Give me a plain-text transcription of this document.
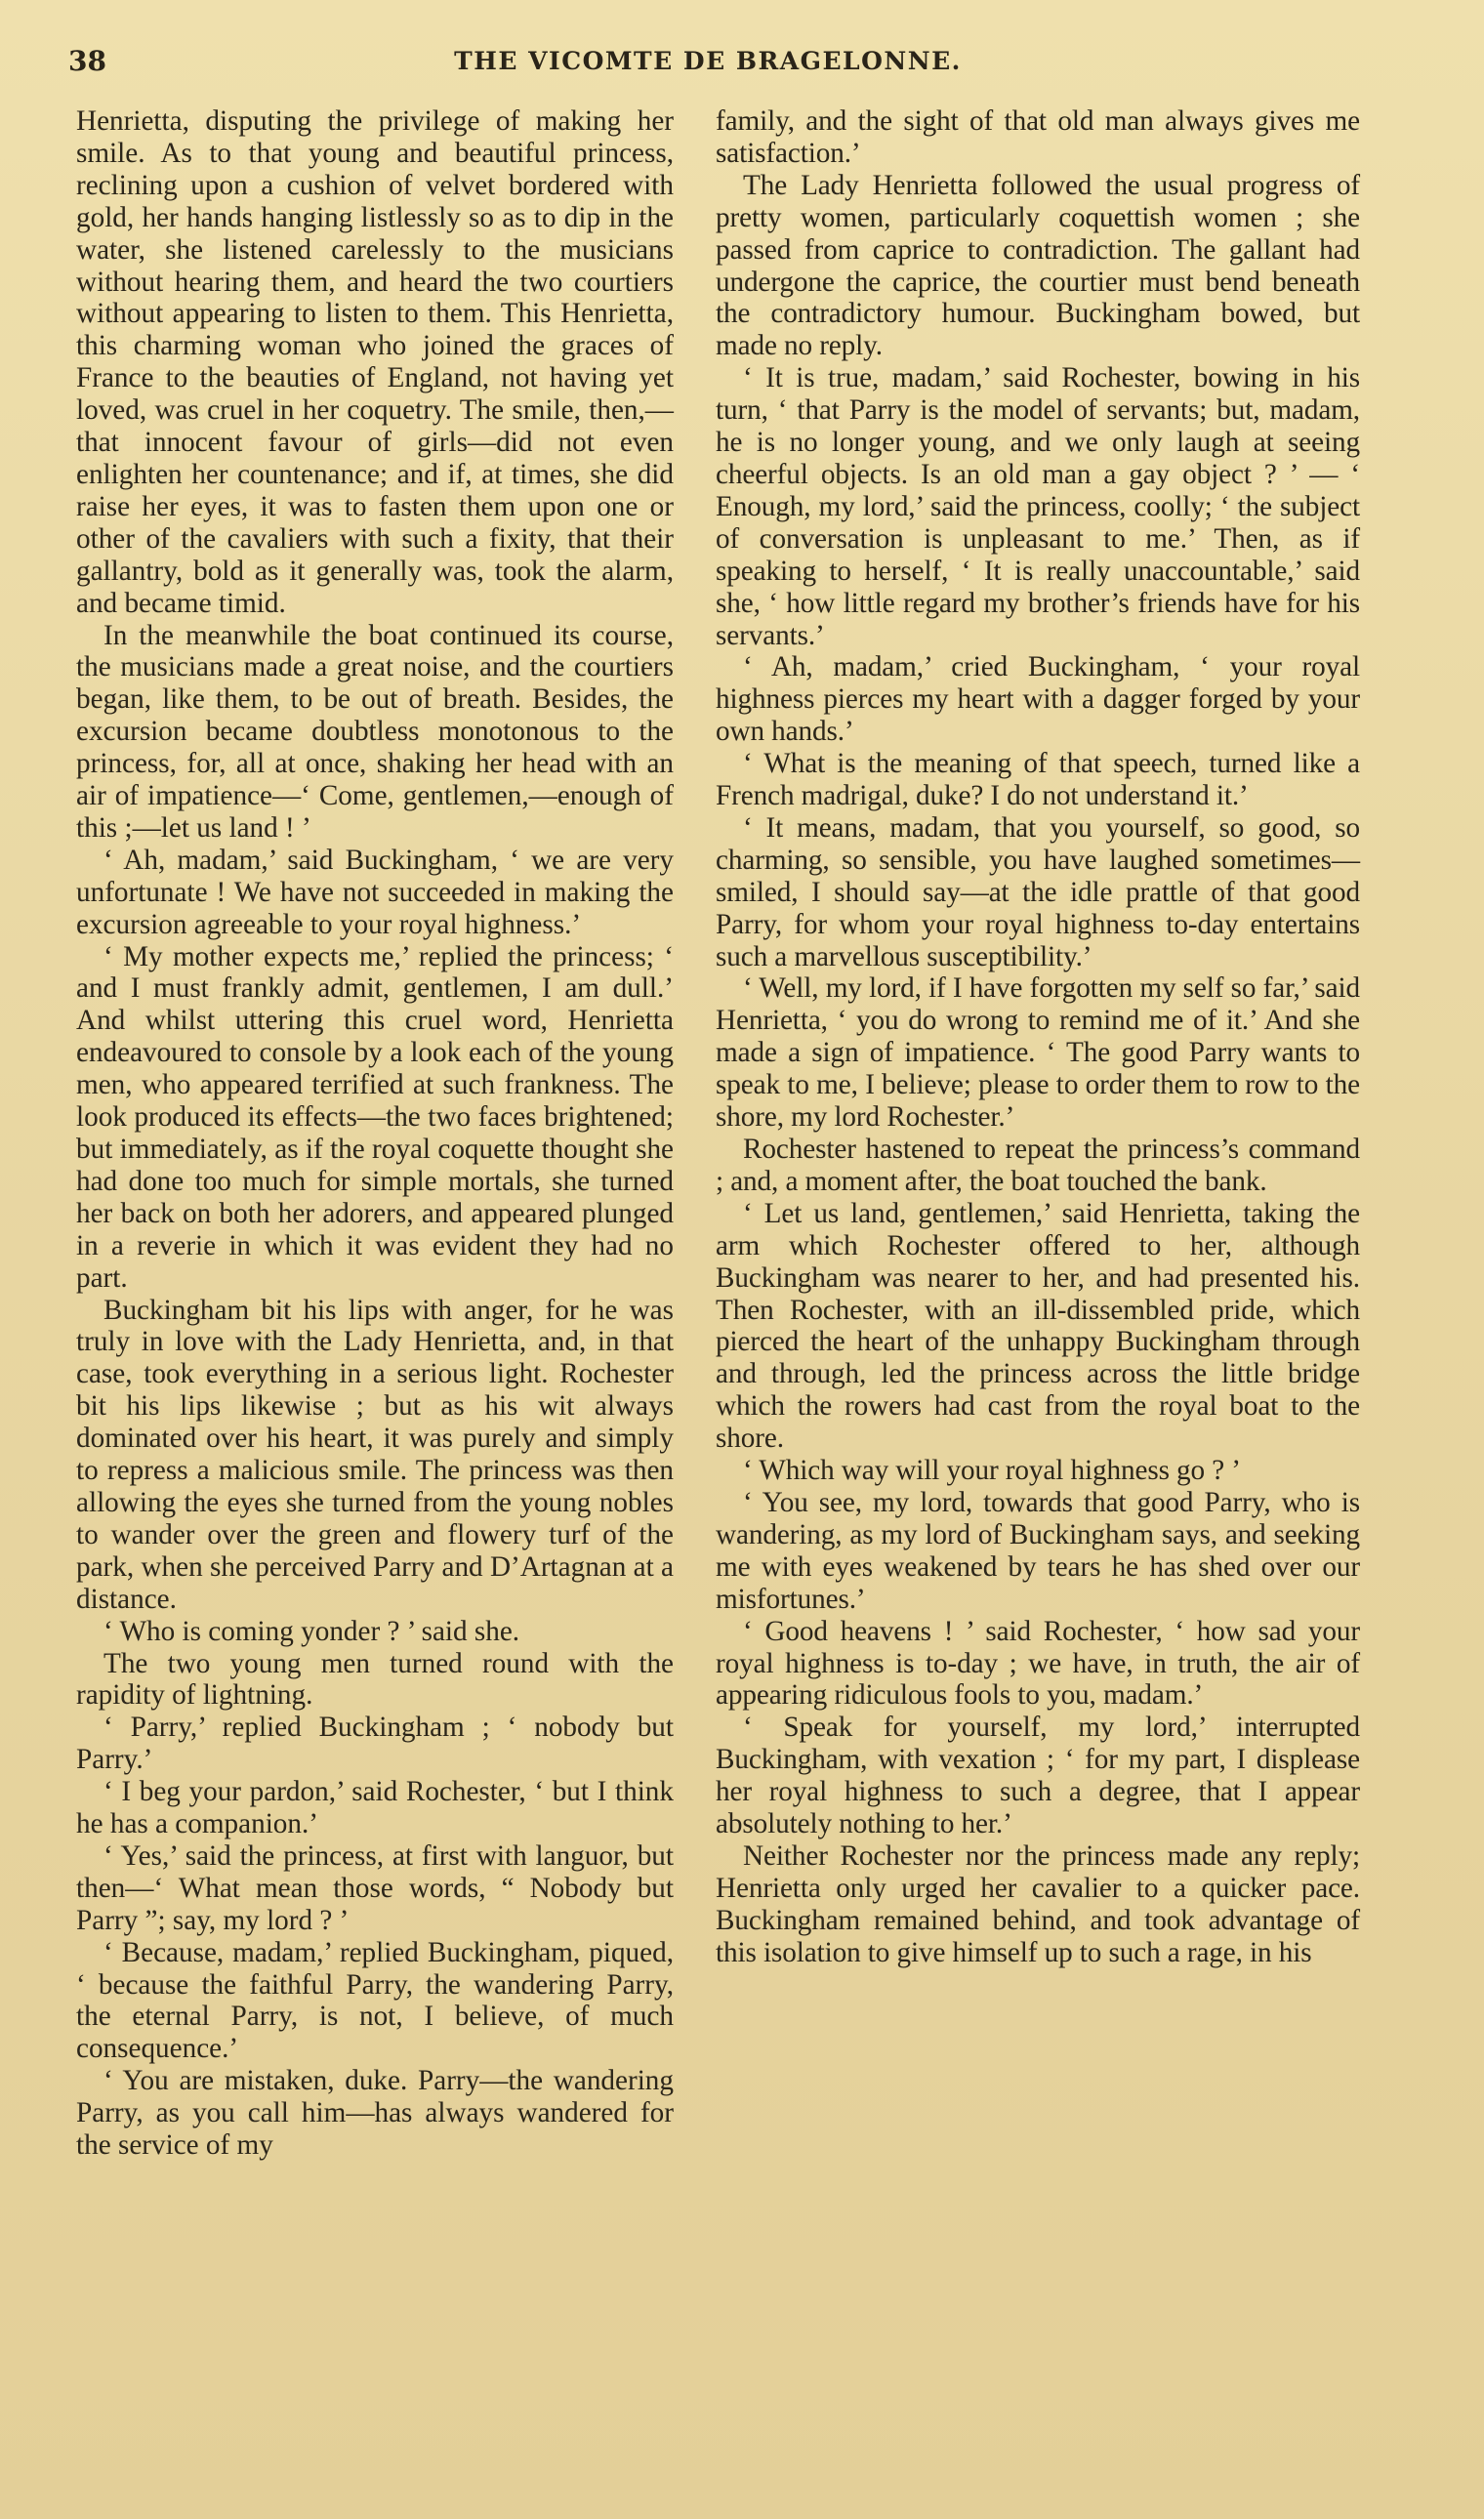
38	THE VICOMTE DE BRAGELONNE.

Henrietta, disputing the privilege of making her smile. As to that young and beautiful princess, reclining upon a cushion of velvet bordered with gold, her hands hanging listlessly so as to dip in the water, she listened carelessly to the musicians without hearing them, and heard the two courtiers without appearing to listen to them. This Henrietta, this charming woman who joined the graces of France to the beauties of England, not having yet loved, was cruel in her coquetry. The smile, then,—that innocent favour of girls—did not even enlighten her countenance; and if, at times, she did raise her eyes, it was to fasten them upon one or other of the cavaliers with such a fixity, that their gallantry, bold as it generally was, took the alarm, and became timid.

In the meanwhile the boat continued its course, the musicians made a great noise, and the courtiers began, like them, to be out of breath. Besides, the excursion became doubtless monotonous to the princess, for, all at once, shaking her head with an air of impatience—‘ Come, gentlemen,—enough of this ;—let us land ! ’

‘ Ah, madam,’ said Buckingham, ‘ we are very unfortunate ! We have not succeeded in making the excursion agreeable to your royal highness.’

‘ My mother expects me,’ replied the princess; ‘ and I must frankly admit, gentlemen, I am dull.’ And whilst uttering this cruel word, Henrietta endeavoured to console by a look each of the young men, who appeared terrified at such frankness. The look produced its effects—the two faces brightened; but immediately, as if the royal coquette thought she had done too much for simple mortals, she turned her back on both her adorers, and appeared plunged in a reverie in which it was evident they had no part.

Buckingham bit his lips with anger, for he was truly in love with the Lady Henrietta, and, in that case, took everything in a serious light. Rochester bit his lips likewise ; but as his wit always dominated over his heart, it was purely and simply to repress a malicious smile. The princess was then allowing the eyes she turned from the young nobles to wander over the green and flowery turf of the park, when she perceived Parry and D’Artagnan at a distance.

‘ Who is coming yonder ? ’ said she.

The two young men turned round with the rapidity of lightning.

‘ Parry,’ replied Buckingham ; ‘ nobody but Parry.’

‘ I beg your pardon,’ said Rochester, ‘ but I think he has a companion.’

‘ Yes,’ said the princess, at first with languor, but then—‘ What mean those words, “ Nobody but Parry ”; say, my lord ? ’

‘ Because, madam,’ replied Buckingham, piqued, ‘ because the faithful Parry, the wandering Parry, the eternal Parry, is not, I believe, of much consequence.’

‘ You are mistaken, duke. Parry—the wandering Parry, as you call him—has always wandered for the service of my

family, and the sight of that old man always gives me satisfaction.’

The Lady Henrietta followed the usual progress of pretty women, particularly coquettish women ; she passed from caprice to contradiction. The gallant had undergone the caprice, the courtier must bend beneath the contradictory humour. Buckingham bowed, but made no reply.

‘ It is true, madam,’ said Rochester, bowing in his turn, ‘ that Parry is the model of servants; but, madam, he is no longer young, and we only laugh at seeing cheerful objects. Is an old man a gay object ? ’ — ‘ Enough, my lord,’ said the princess, coolly; ‘ the subject of conversation is unpleasant to me.’ Then, as if speaking to herself, ‘ It is really unaccountable,’ said she, ‘ how little regard my brother’s friends have for his servants.’

‘ Ah, madam,’ cried Buckingham, ‘ your royal highness pierces my heart with a dagger forged by your own hands.’

‘ What is the meaning of that speech, turned like a French madrigal, duke? I do not understand it.’

‘ It means, madam, that you yourself, so good, so charming, so sensible, you have laughed sometimes—smiled, I should say—at the idle prattle of that good Parry, for whom your royal highness to-day entertains such a marvellous susceptibility.’

‘ Well, my lord, if I have forgotten my self so far,’ said Henrietta, ‘ you do wrong to remind me of it.’ And she made a sign of impatience. ‘ The good Parry wants to speak to me, I believe; please to order them to row to the shore, my lord Rochester.’

Rochester hastened to repeat the princess’s command ; and, a moment after, the boat touched the bank.

‘ Let us land, gentlemen,’ said Henrietta, taking the arm which Rochester offered to her, although Buckingham was nearer to her, and had presented his. Then Rochester, with an ill-dissembled pride, which pierced the heart of the unhappy Buckingham through and through, led the princess across the little bridge which the rowers had cast from the royal boat to the shore.

‘ Which way will your royal highness go ? ’

‘ You see, my lord, towards that good Parry, who is wandering, as my lord of Buckingham says, and seeking me with eyes weakened by tears he has shed over our misfortunes.’

‘ Good heavens ! ’ said Rochester, ‘ how sad your royal highness is to-day ; we have, in truth, the air of appearing ridiculous fools to you, madam.’

‘ Speak for yourself, my lord,’ interrupted Buckingham, with vexation ; ‘ for my part, I displease her royal highness to such a degree, that I appear absolutely nothing to her.’

Neither Rochester nor the princess made any reply; Henrietta only urged her cavalier to a quicker pace. Buckingham remained behind, and took advantage of this isolation to give himself up to such a rage, in his
